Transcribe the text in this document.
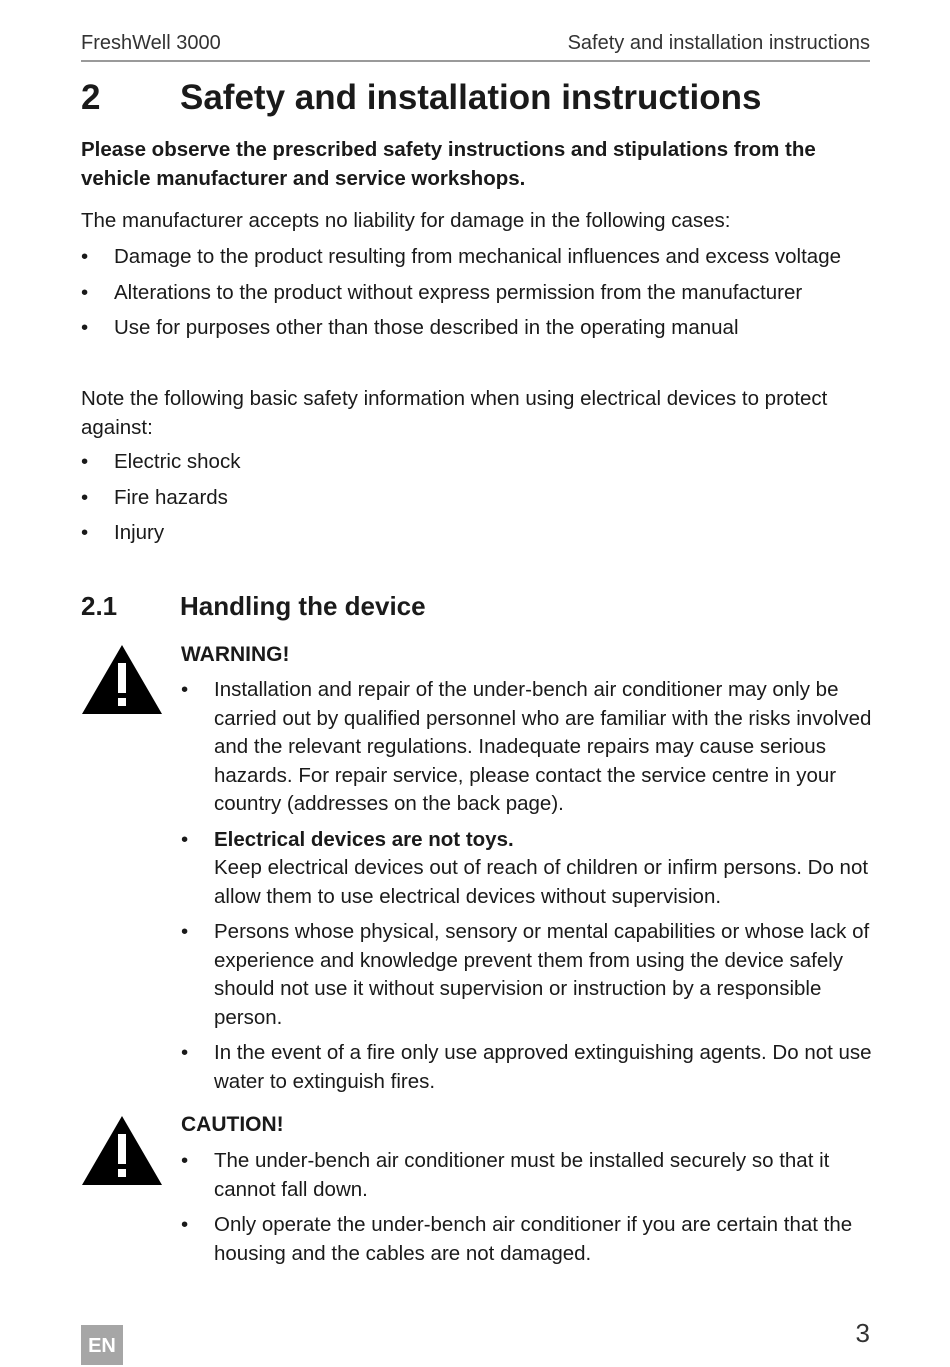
FreshWell 3000	Safety and installation instructions
2	Safety and installation instructions
Please observe the prescribed safety instructions and stipulations from the vehicle manufacturer and service workshops.
The manufacturer accepts no liability for damage in the following cases:
• Damage to the product resulting from mechanical influences and excess voltage
• Alterations to the product without express permission from the manufacturer
• Use for purposes other than those described in the operating manual
Note the following basic safety information when using electrical devices to protect against:
• Electric shock
• Fire hazards
• Injury
2.1 Handling the device
WARNING!
• Installation and repair of the under-bench air conditioner may only be carried out by qualified personnel who are familiar with the risks involved and the relevant regulations. Inadequate repairs may cause serious hazards. For repair service, please contact the service centre in your country (addresses on the back page).
• Electrical devices are not toys.
Keep electrical devices out of reach of children or infirm persons. Do not allow them to use electrical devices without supervision.
• Persons whose physical, sensory or mental capabilities or whose lack of experience and knowledge prevent them from using the device safely should not use it without supervision or instruction by a responsible person.
• In the event of a fire only use approved extinguishing agents. Do not use water to extinguish fires.
CAUTION!
• The under-bench air conditioner must be installed securely so that it cannot fall down.
• Only operate the under-bench air conditioner if you are certain that the housing and the cables are not damaged.
EN	3
